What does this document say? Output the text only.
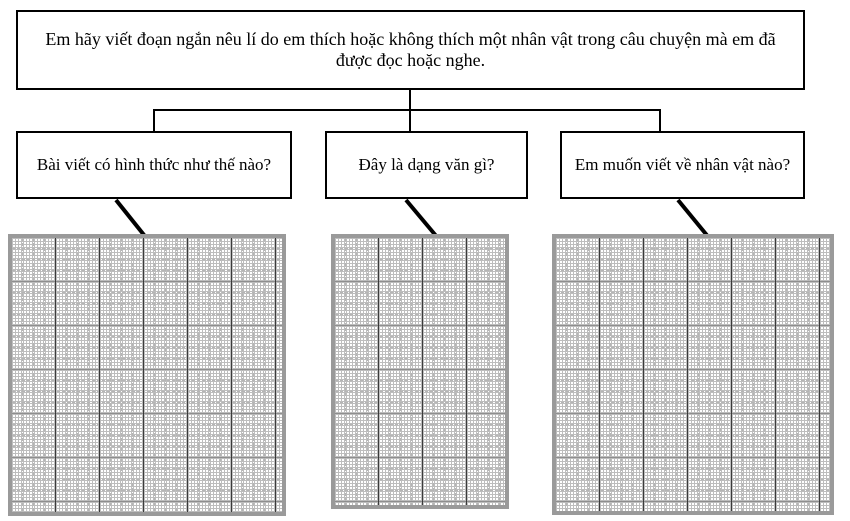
Em hãy viết đoạn ngắn nêu lí do em thích hoặc không thích một nhân vật trong câu chuyện mà em đã được đọc hoặc nghe.
Bài viết có hình thức như thế nào?	Đây là dạng văn gì?	Em muốn viết về nhân vật nào?
